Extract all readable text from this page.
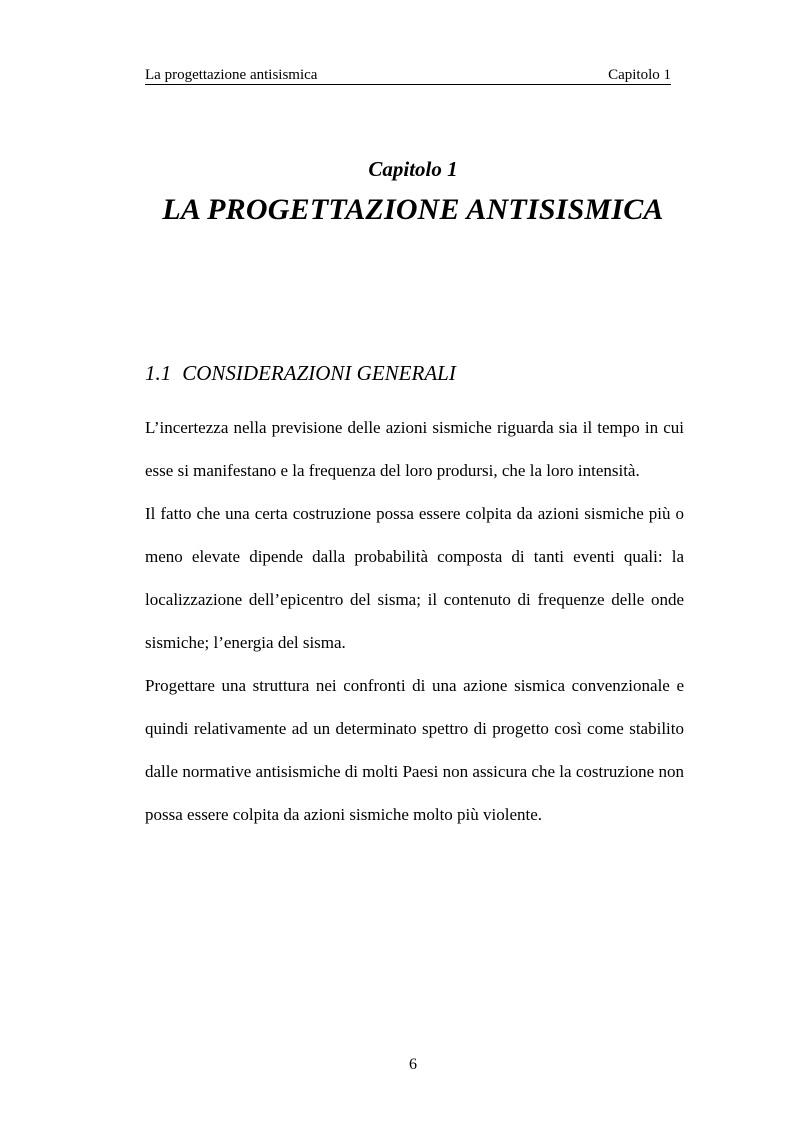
La progettazione antisismica	Capitolo 1
Capitolo 1
LA PROGETTAZIONE ANTISISMICA
1.1 CONSIDERAZIONI GENERALI

L’incertezza nella previsione delle azioni sismiche riguarda sia il tempo in cui esse si manifestano e la frequenza del loro prodursi, che la loro intensità.

Il fatto che una certa costruzione possa essere colpita da azioni sismiche più o meno elevate dipende dalla probabilità composta di tanti eventi quali: la localizzazione dell’epicentro del sisma; il contenuto di frequenze delle onde sismiche; l’energia del sisma.

Progettare una struttura nei confronti di una azione sismica convenzionale e quindi relativamente ad un determinato spettro di progetto così come stabilito dalle normative antisismiche di molti Paesi non assicura che la costruzione non possa essere colpita da azioni sismiche molto più violente.

6
